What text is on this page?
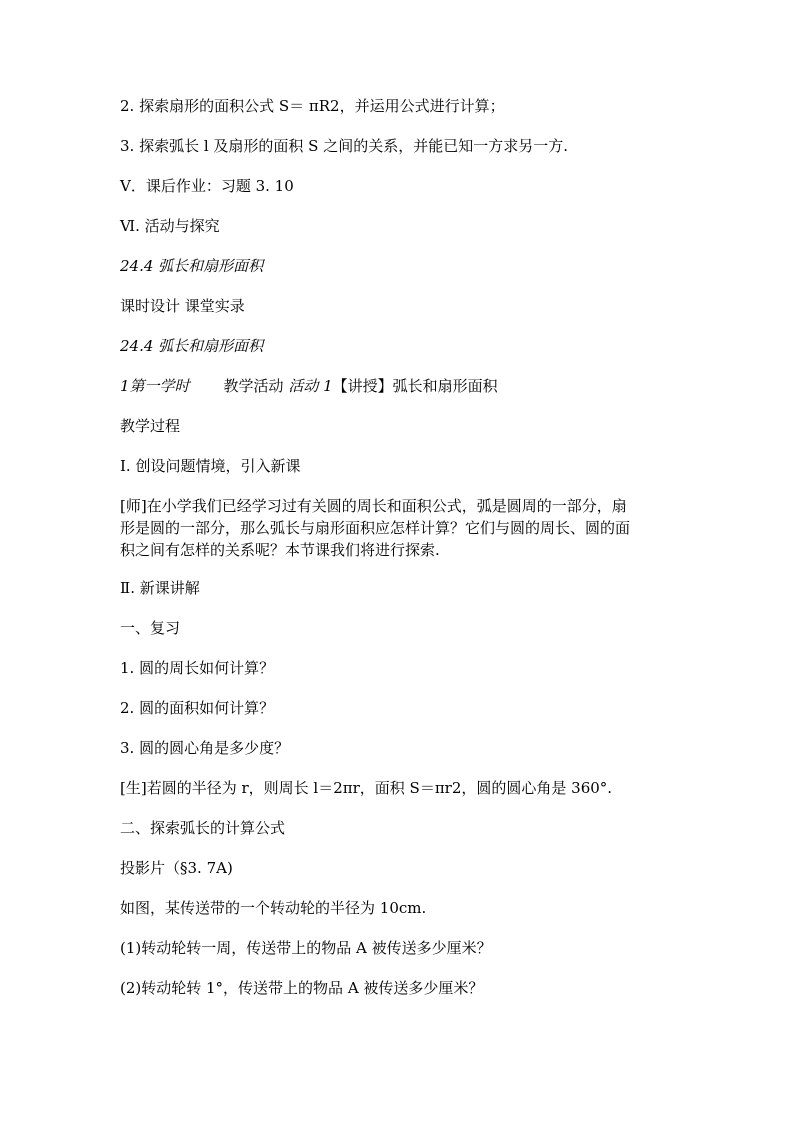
2. 探索扇形的面积公式 S＝ πR2，并运用公式进行计算；
3. 探索弧长 l 及扇形的面积 S 之间的关系，并能已知一方求另一方.
Ⅴ．课后作业：习题 3. 10
Ⅵ. 活动与探究
24.4 弧长和扇形面积
课时设计 课堂实录
24.4 弧长和扇形面积
1第一学时 教学活动 活动 1【讲授】弧长和扇形面积
教学过程
Ⅰ. 创设问题情境，引入新课
[师]在小学我们已经学习过有关圆的周长和面积公式，弧是圆周的一部分，扇
形是圆的一部分，那么弧长与扇形面积应怎样计算？它们与圆的周长、圆的面
积之间有怎样的关系呢？本节课我们将进行探索.
Ⅱ. 新课讲解
一、复习
1. 圆的周长如何计算？
2. 圆的面积如何计算？
3. 圆的圆心角是多少度？
[生]若圆的半径为 r，则周长 l＝2πr，面积 S＝πr2，圆的圆心角是 360°.
二、探索弧长的计算公式
投影片（§3. 7A)
如图，某传送带的一个转动轮的半径为 10cm.
(1)转动轮转一周，传送带上的物品 A 被传送多少厘米？
(2)转动轮转 1°，传送带上的物品 A 被传送多少厘米？
